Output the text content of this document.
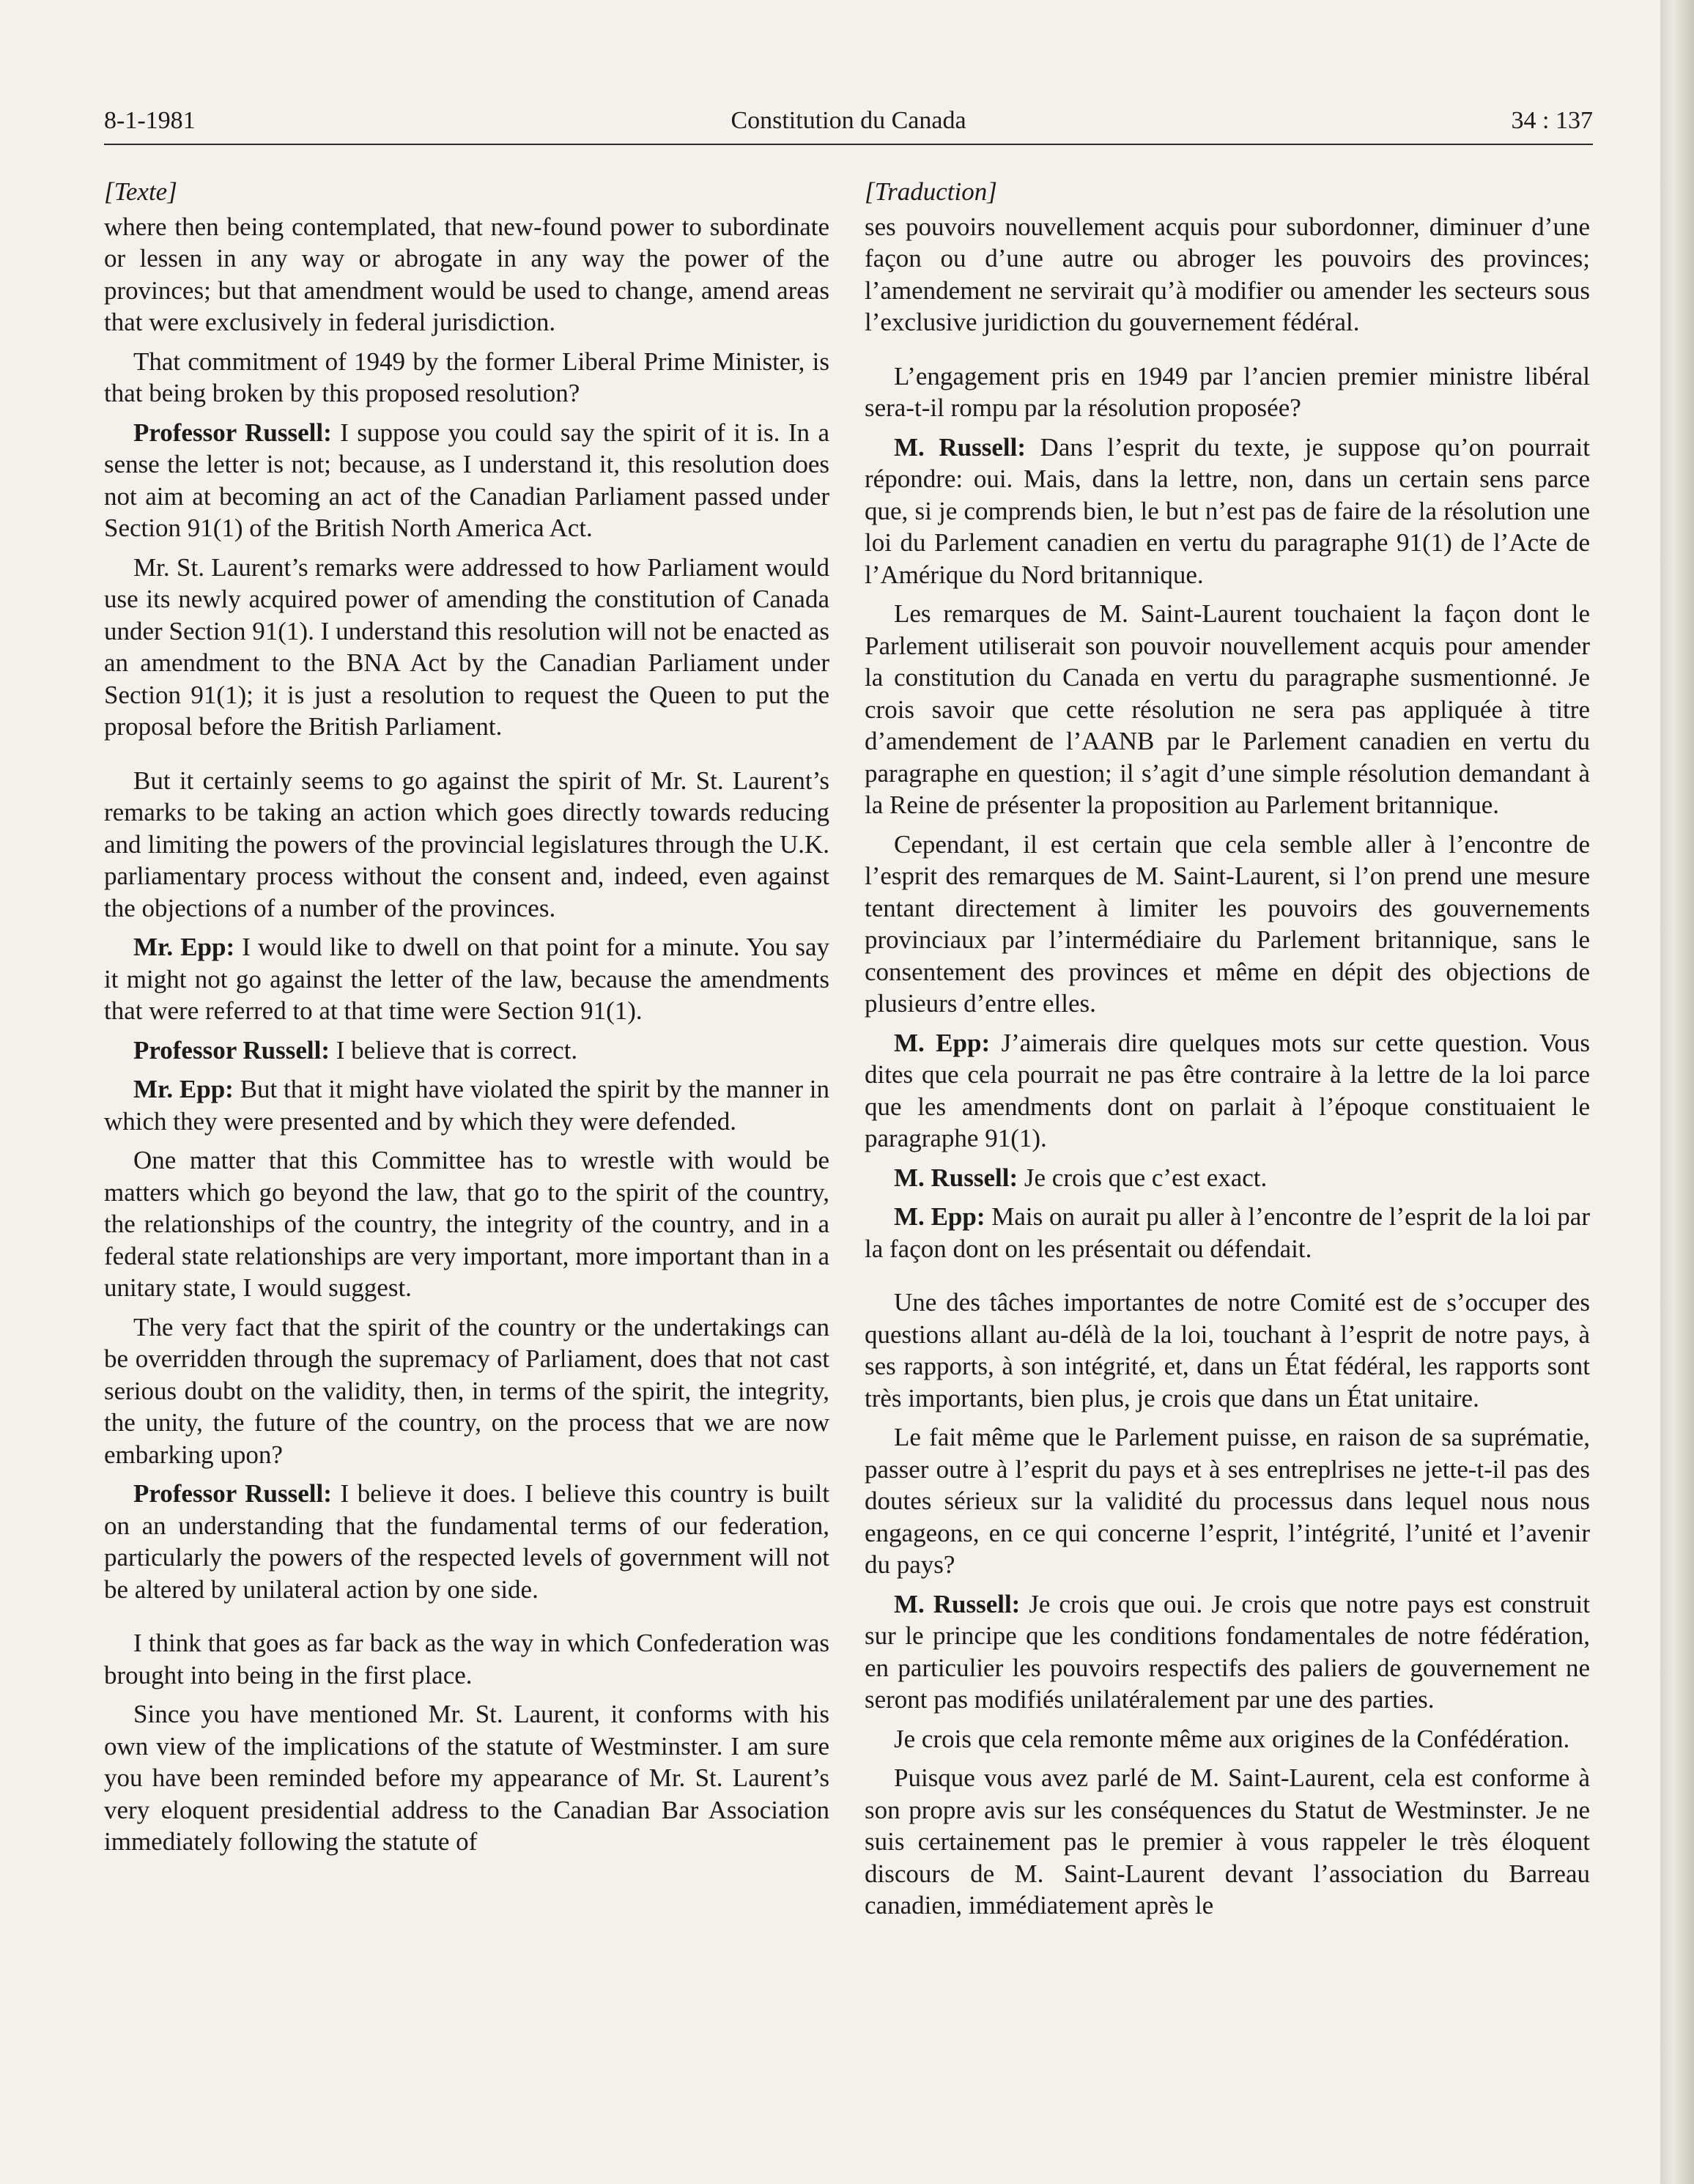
8-1-1981	Constitution du Canada	34 : 137
[Texte]

where then being contemplated, that new-found power to subordinate or lessen in any way or abrogate in any way the power of the provinces; but that amendment would be used to change, amend areas that were exclusively in federal jurisdiction.

That commitment of 1949 by the former Liberal Prime Minister, is that being broken by this proposed resolution?

Professor Russell: I suppose you could say the spirit of it is. In a sense the letter is not; because, as I understand it, this resolution does not aim at becoming an act of the Canadian Parliament passed under Section 91(1) of the British North America Act.

Mr. St. Laurent’s remarks were addressed to how Parliament would use its newly acquired power of amending the constitution of Canada under Section 91(1). I understand this resolution will not be enacted as an amendment to the BNA Act by the Canadian Parliament under Section 91(1); it is just a resolution to request the Queen to put the proposal before the British Parliament.

But it certainly seems to go against the spirit of Mr. St. Laurent’s remarks to be taking an action which goes directly towards reducing and limiting the powers of the provincial legislatures through the U.K. parliamentary process without the consent and, indeed, even against the objections of a number of the provinces.

Mr. Epp: I would like to dwell on that point for a minute. You say it might not go against the letter of the law, because the amendments that were referred to at that time were Section 91(1).

Professor Russell: I believe that is correct.

Mr. Epp: But that it might have violated the spirit by the manner in which they were presented and by which they were defended.

One matter that this Committee has to wrestle with would be matters which go beyond the law, that go to the spirit of the country, the relationships of the country, the integrity of the country, and in a federal state relationships are very important, more important than in a unitary state, I would suggest.

The very fact that the spirit of the country or the undertakings can be overridden through the supremacy of Parliament, does that not cast serious doubt on the validity, then, in terms of the spirit, the integrity, the unity, the future of the country, on the process that we are now embarking upon?

Professor Russell: I believe it does. I believe this country is built on an understanding that the fundamental terms of our federation, particularly the powers of the respected levels of government will not be altered by unilateral action by one side.

I think that goes as far back as the way in which Confederation was brought into being in the first place.

Since you have mentioned Mr. St. Laurent, it conforms with his own view of the implications of the statute of Westminster. I am sure you have been reminded before my appearance of Mr. St. Laurent’s very eloquent presidential address to the Canadian Bar Association immediately following the statute of

[Traduction]

ses pouvoirs nouvellement acquis pour subordonner, diminuer d’une façon ou d’une autre ou abroger les pouvoirs des provinces; l’amendement ne servirait qu’à modifier ou amender les secteurs sous l’exclusive juridiction du gouvernement fédéral.

L’engagement pris en 1949 par l’ancien premier ministre libéral sera-t-il rompu par la résolution proposée?

M. Russell: Dans l’esprit du texte, je suppose qu’on pourrait répondre: oui. Mais, dans la lettre, non, dans un certain sens parce que, si je comprends bien, le but n’est pas de faire de la résolution une loi du Parlement canadien en vertu du paragraphe 91(1) de l’Acte de l’Amérique du Nord britannique.

Les remarques de M. Saint-Laurent touchaient la façon dont le Parlement utiliserait son pouvoir nouvellement acquis pour amender la constitution du Canada en vertu du paragraphe susmentionné. Je crois savoir que cette résolution ne sera pas appliquée à titre d’amendement de l’AANB par le Parlement canadien en vertu du paragraphe en question; il s’agit d’une simple résolution demandant à la Reine de présenter la proposition au Parlement britannique.

Cependant, il est certain que cela semble aller à l’encontre de l’esprit des remarques de M. Saint-Laurent, si l’on prend une mesure tentant directement à limiter les pouvoirs des gouvernements provinciaux par l’intermédiaire du Parlement britannique, sans le consentement des provinces et même en dépit des objections de plusieurs d’entre elles.

M. Epp: J’aimerais dire quelques mots sur cette question. Vous dites que cela pourrait ne pas être contraire à la lettre de la loi parce que les amendments dont on parlait à l’époque constituaient le paragraphe 91(1).

M. Russell: Je crois que c’est exact.

M. Epp: Mais on aurait pu aller à l’encontre de l’esprit de la loi par la façon dont on les présentait ou défendait.

Une des tâches importantes de notre Comité est de s’occuper des questions allant au-délà de la loi, touchant à l’esprit de notre pays, à ses rapports, à son intégrité, et, dans un État fédéral, les rapports sont très importants, bien plus, je crois que dans un État unitaire.

Le fait même que le Parlement puisse, en raison de sa suprématie, passer outre à l’esprit du pays et à ses entreplrises ne jette-t-il pas des doutes sérieux sur la validité du processus dans lequel nous nous engageons, en ce qui concerne l’esprit, l’intégrité, l’unité et l’avenir du pays?

M. Russell: Je crois que oui. Je crois que notre pays est construit sur le principe que les conditions fondamentales de notre fédération, en particulier les pouvoirs respectifs des paliers de gouvernement ne seront pas modifiés unilatéralement par une des parties.

Je crois que cela remonte même aux origines de la Confédération.

Puisque vous avez parlé de M. Saint-Laurent, cela est conforme à son propre avis sur les conséquences du Statut de Westminster. Je ne suis certainement pas le premier à vous rappeler le très éloquent discours de M. Saint-Laurent devant l’association du Barreau canadien, immédiatement après le
